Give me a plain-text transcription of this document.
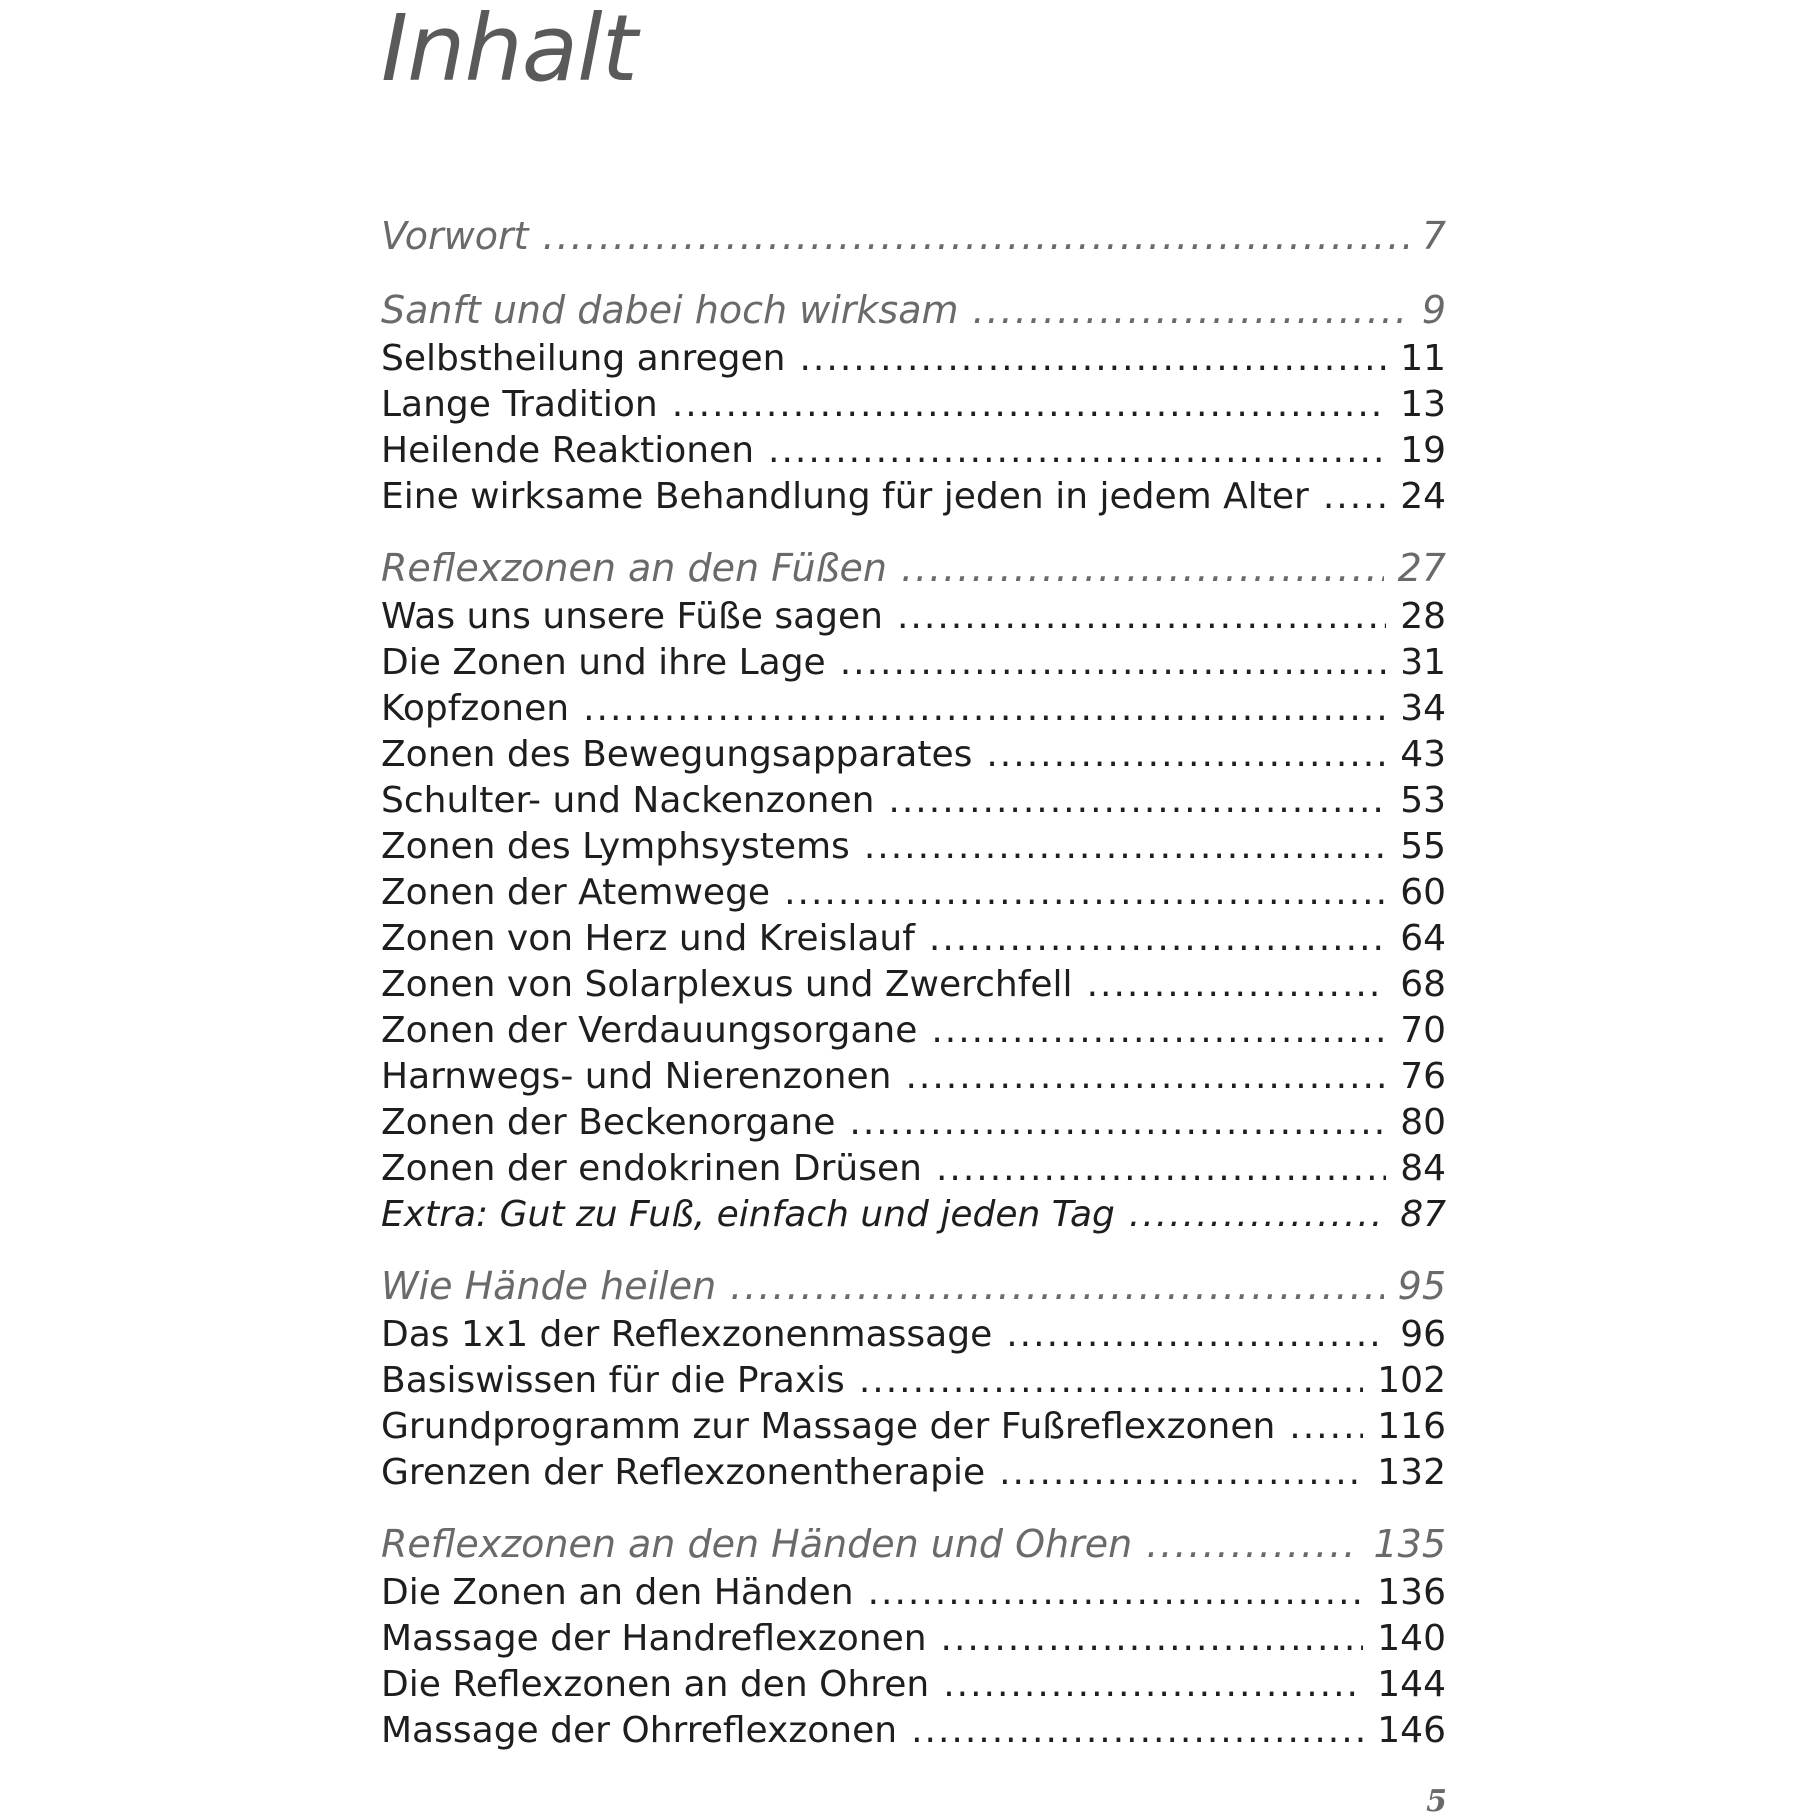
Inhalt
Vorwort .....	7
Sanft und dabei hoch wirksam .....	9
Selbstheilung anregen .....	11
Lange Tradition .....	13
Heilende Reaktionen .....	19
Eine wirksame Behandlung für jeden in jedem Alter .....	24
Reflexzonen an den Füßen .....	27
Was uns unsere Füße sagen .....	28
Die Zonen und ihre Lage .....	31
Kopfzonen .....	34
Zonen des Bewegungsapparates .....	43
Schulter- und Nackenzonen .....	53
Zonen des Lymphsystems .....	55
Zonen der Atemwege .....	60
Zonen von Herz und Kreislauf .....	64
Zonen von Solarplexus und Zwerchfell .....	68
Zonen der Verdauungsorgane .....	70
Harnwegs- und Nierenzonen .....	76
Zonen der Beckenorgane .....	80
Zonen der endokrinen Drüsen .....	84
Extra: Gut zu Fuß, einfach und jeden Tag .....	87
Wie Hände heilen .....	95
Das 1x1 der Reflexzonenmassage .....	96
Basiswissen für die Praxis .....	102
Grundprogramm zur Massage der Fußreflexzonen .....	116
Grenzen der Reflexzonentherapie .....	132
Reflexzonen an den Händen und Ohren .....	135
Die Zonen an den Händen .....	136
Massage der Handreflexzonen .....	140
Die Reflexzonen an den Ohren .....	144
Massage der Ohrreflexzonen .....	146
5
